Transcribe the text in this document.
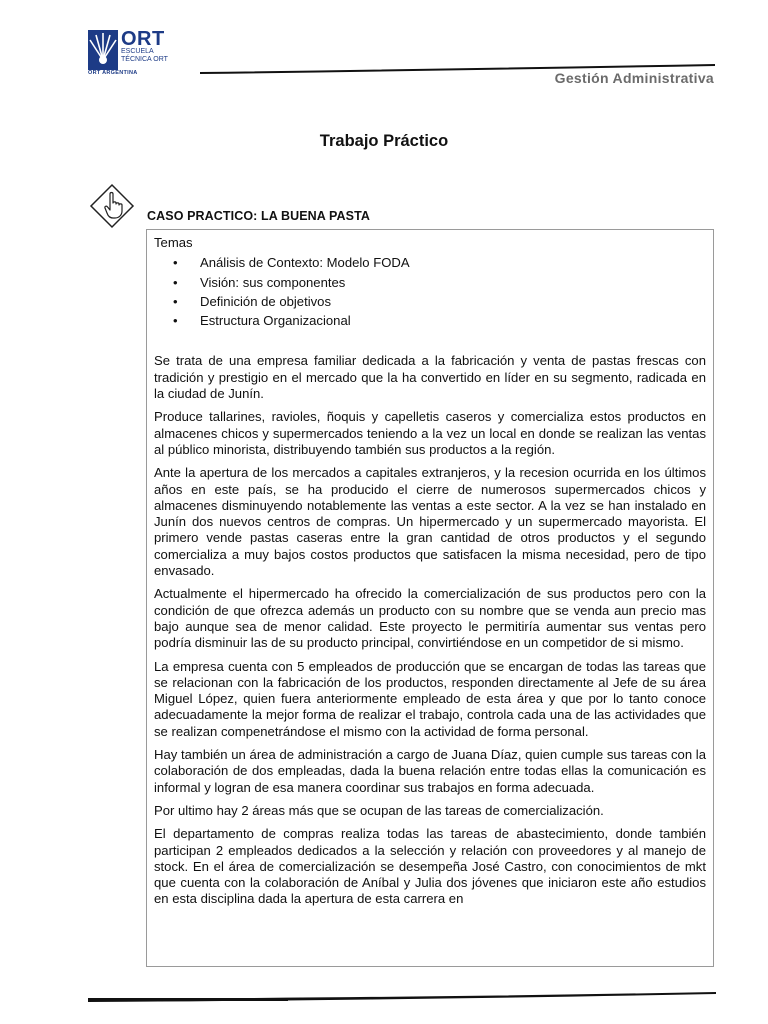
ORT
ESCUELA
TÉCNICA ORT
ORT ARGENTINA	Gestión Administrativa
Trabajo Práctico
CASO PRACTICO: LA BUENA PASTA
Temas
• Análisis de Contexto: Modelo FODA
• Visión: sus componentes
• Definición de objetivos
• Estructura Organizacional

Se trata de una empresa familiar dedicada a la fabricación y venta de pastas frescas con tradición y prestigio en el mercado que la ha convertido en líder en su segmento, radicada en la ciudad de Junín.

Produce tallarines, ravioles, ñoquis y capelletis caseros y comercializa estos productos en almacenes chicos y supermercados teniendo a la vez un local en donde se realizan las ventas al público minorista, distribuyendo también sus productos a la región.

Ante la apertura de los mercados a capitales extranjeros, y la recesion ocurrida en los últimos años en este país, se ha producido el cierre de numerosos supermercados chicos y almacenes disminuyendo notablemente las ventas a este sector. A la vez se han instalado en Junín dos nuevos centros de compras. Un hipermercado y un supermercado mayorista. El primero vende pastas caseras entre la gran cantidad de otros productos y el segundo comercializa a muy bajos costos productos que satisfacen la misma necesidad, pero de tipo envasado.

Actualmente el hipermercado ha ofrecido la comercialización de sus productos pero con la condición de que ofrezca además un producto con su nombre que se venda aun precio mas bajo aunque sea de menor calidad. Este proyecto le permitiría aumentar sus ventas pero podría disminuir las de su producto principal, convirtiéndose en un competidor de si mismo.

La empresa cuenta con 5 empleados de producción que se encargan de todas las tareas que se relacionan con la fabricación de los productos, responden directamente al Jefe de su área Miguel López, quien fuera anteriormente empleado de esta área y que por lo tanto conoce adecuadamente la mejor forma de realizar el trabajo, controla cada una de las actividades que se realizan compenetrándose el mismo con la actividad de forma personal.

Hay también un área de administración a cargo de Juana Díaz, quien cumple sus tareas con la colaboración de dos empleadas, dada la buena relación entre todas ellas la comunicación es informal y logran de esa manera coordinar sus trabajos en forma adecuada.

Por ultimo hay 2 áreas más que se ocupan de las tareas de comercialización.

El departamento de compras realiza todas las tareas de abastecimiento, donde también participan 2 empleados dedicados a la selección y relación con proveedores y al manejo de stock. En el área de comercialización se desempeña José Castro, con conocimientos de mkt que cuenta con la colaboración de Aníbal y Julia dos jóvenes que iniciaron este año estudios en esta disciplina dada la apertura de esta carrera en
